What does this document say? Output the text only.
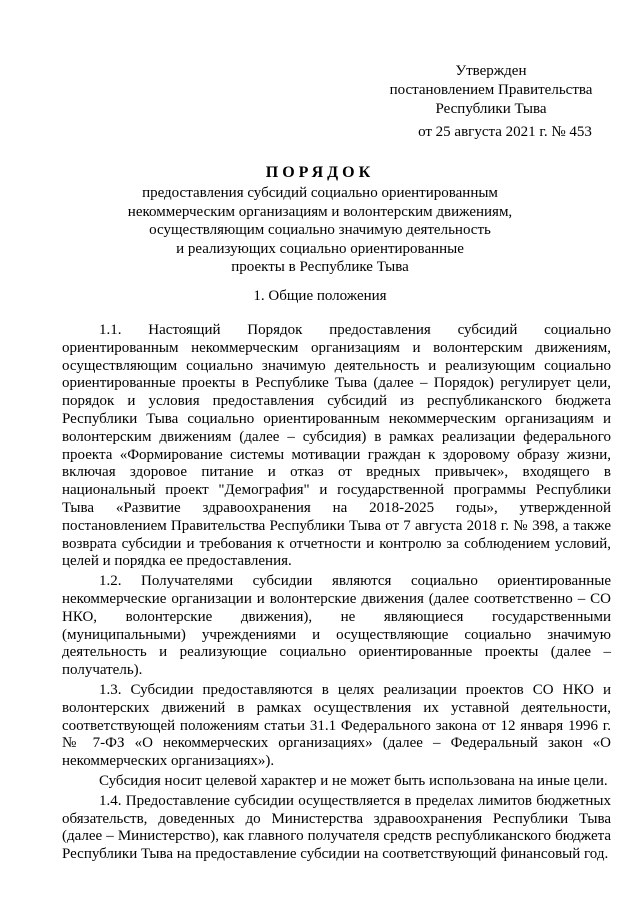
Утвержден
постановлением Правительства
Республики Тыва
от 25 августа 2021 г. № 453
ПОРЯДОК
предоставления субсидий социально ориентированным
некоммерческим организациям и волонтерским движениям,
осуществляющим социально значимую деятельность
и реализующих социально ориентированные
проекты в Республике Тыва
1. Общие положения

1.1. Настоящий Порядок предоставления субсидий социально ориентированным некоммерческим организациям и волонтерским движениям, осуществляющим социально значимую деятельность и реализующим социально ориентированные проекты в Республике Тыва (далее – Порядок) регулирует цели, порядок и условия предоставления субсидий из республиканского бюджета Республики Тыва социально ориентированным некоммерческим организациям и волонтерским движениям (далее – субсидия) в рамках реализации федерального проекта «Формирование системы мотивации граждан к здоровому образу жизни, включая здоровое питание и отказ от вредных привычек», входящего в национальный проект "Демография" и государственной программы Республики Тыва «Развитие здравоохранения на 2018-2025 годы», утвержденной постановлением Правительства Республики Тыва от 7 августа 2018 г. № 398, а также возврата субсидии и требования к отчетности и контролю за соблюдением условий, целей и порядка ее предоставления.

1.2. Получателями субсидии являются социально ориентированные некоммерческие организации и волонтерские движения (далее соответственно – СО НКО, волонтерские движения), не являющиеся государственными (муниципальными) учреждениями и осуществляющие социально значимую деятельность и реализующие социально ориентированные проекты (далее – получатель).

1.3. Субсидии предоставляются в целях реализации проектов СО НКО и волонтерских движений в рамках осуществления их уставной деятельности, соответствующей положениям статьи 31.1 Федерального закона от 12 января 1996 г. № 7-ФЗ «О некоммерческих организациях» (далее – Федеральный закон «О некоммерческих организациях»).

Субсидия носит целевой характер и не может быть использована на иные цели.

1.4. Предоставление субсидии осуществляется в пределах лимитов бюджетных обязательств, доведенных до Министерства здравоохранения Республики Тыва (далее – Министерство), как главного получателя средств республиканского бюджета Республики Тыва на предоставление субсидии на соответствующий финансовый год.
